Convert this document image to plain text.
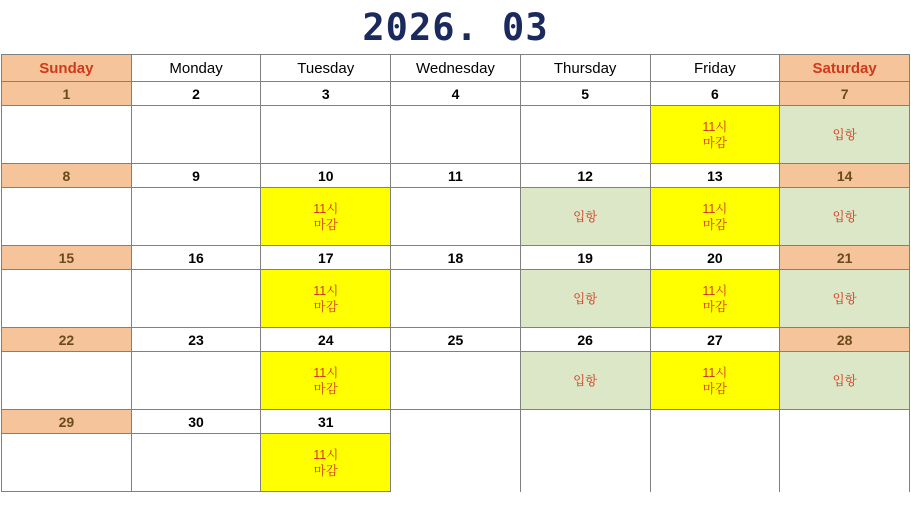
2026. 03
Sunday	Monday	Tuesday	Wednesday	Thursday	Friday	Saturday
1	2	3	4	5	6	7

					11시
마감	입항

8	9	10	11	12	13	14

		11시
마감		입항	11시
마감	입항

15	16	17	18	19	20	21

		11시
마감		입항	11시
마감	입항

22	23	24	25	26	27	28

		11시
마감		입항	11시
마감	입항

29	30	31				

		11시
마감				
